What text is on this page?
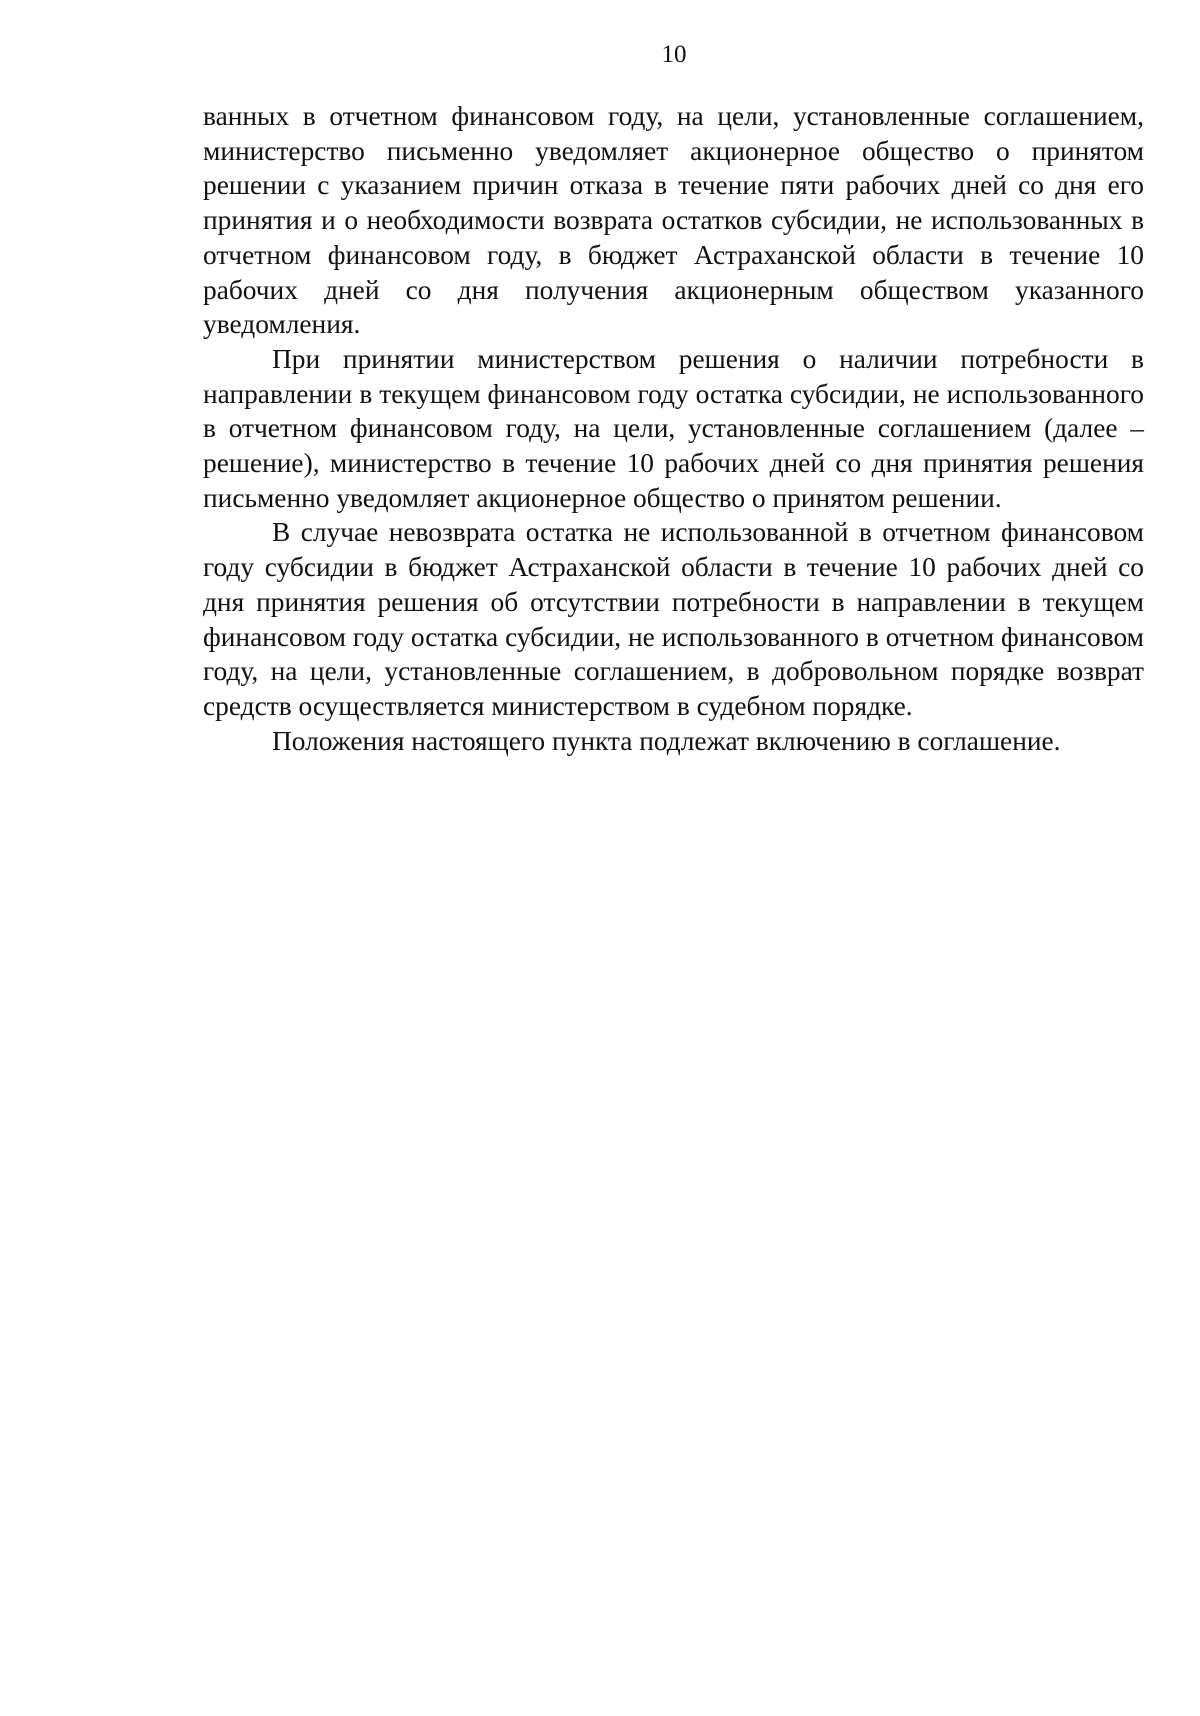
10

ванных в отчетном финансовом году, на цели, установленные соглашением, министерство письменно уведомляет акционерное общество о принятом решении с указанием причин отказа в течение пяти рабочих дней со дня его принятия и о необходимости возврата остатков субсидии, не использованных в отчетном финансовом году, в бюджет Астраханской области в течение 10 рабочих дней со дня получения акционерным обществом указанного уведомления.

При принятии министерством решения о наличии потребности в направлении в текущем финансовом году остатка субсидии, не использованного в отчетном финансовом году, на цели, установленные соглашением (далее – решение), министерство в течение 10 рабочих дней со дня принятия решения письменно уведомляет акционерное общество о принятом решении.

В случае невозврата остатка не использованной в отчетном финансовом году субсидии в бюджет Астраханской области в течение 10 рабочих дней со дня принятия решения об отсутствии потребности в направлении в текущем финансовом году остатка субсидии, не использованного в отчетном финансовом году, на цели, установленные соглашением, в добровольном порядке возврат средств осуществляется министерством в судебном порядке.

Положения настоящего пункта подлежат включению в соглашение.
